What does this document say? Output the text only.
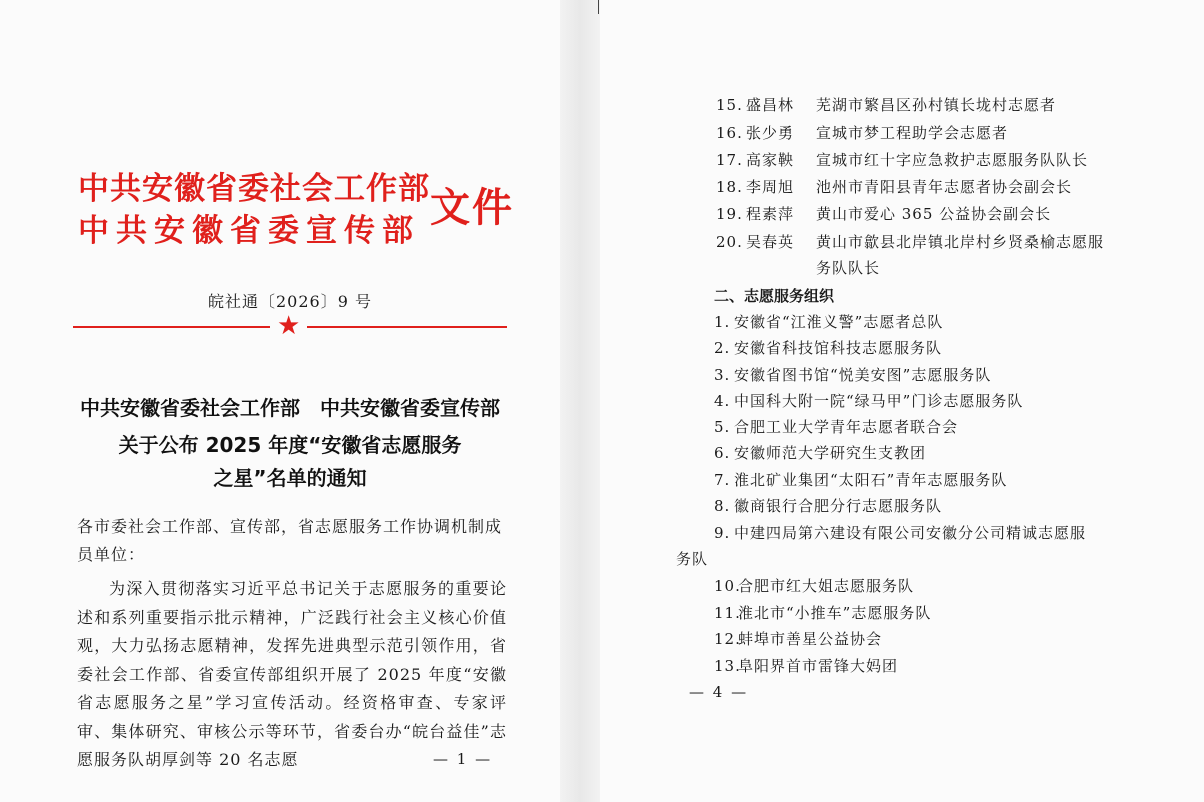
中共安徽省委社会工作部
中共安徽省委宣传部 文件
皖社通〔2026〕9 号
★
中共安徽省委社会工作部　中共安徽省委宣传部
关于公布 2025 年度“安徽省志愿服务
之星”名单的通知
各市委社会工作部、宣传部，省志愿服务工作协调机制成员单位：
为深入贯彻落实习近平总书记关于志愿服务的重要论述和系列重要指示批示精神，广泛践行社会主义核心价值观，大力弘扬志愿精神，发挥先进典型示范引领作用，省委社会工作部、省委宣传部组织开展了 2025 年度“安徽省志愿服务之星”学习宣传活动。经资格审查、专家评审、集体研究、审核公示等环节，省委台办“皖台益佳”志愿服务队胡厚剑等 20 名志愿	— 1 —
15. 盛昌林 芜湖市繁昌区孙村镇长垅村志愿者
16. 张少勇 宣城市梦工程助学会志愿者
17. 高家鞅 宣城市红十字应急救护志愿服务队队长
18. 李周旭 池州市青阳县青年志愿者协会副会长
19. 程素萍 黄山市爱心 365 公益协会副会长
20. 吴春英 黄山市歙县北岸镇北岸村乡贤桑榆志愿服
务队队长
二、志愿服务组织
1. 安徽省“江淮义警”志愿者总队
2. 安徽省科技馆科技志愿服务队
3. 安徽省图书馆“悦美安图”志愿服务队
4. 中国科大附一院“绿马甲”门诊志愿服务队
5. 合肥工业大学青年志愿者联合会
6. 安徽师范大学研究生支教团
7. 淮北矿业集团“太阳石”青年志愿服务队
8. 徽商银行合肥分行志愿服务队
9. 中建四局第六建设有限公司安徽分公司精诚志愿服
务队
10.合肥市红大姐志愿服务队
11.淮北市“小推车”志愿服务队
12.蚌埠市善星公益协会
13.阜阳界首市雷锋大妈团
— 4 —
